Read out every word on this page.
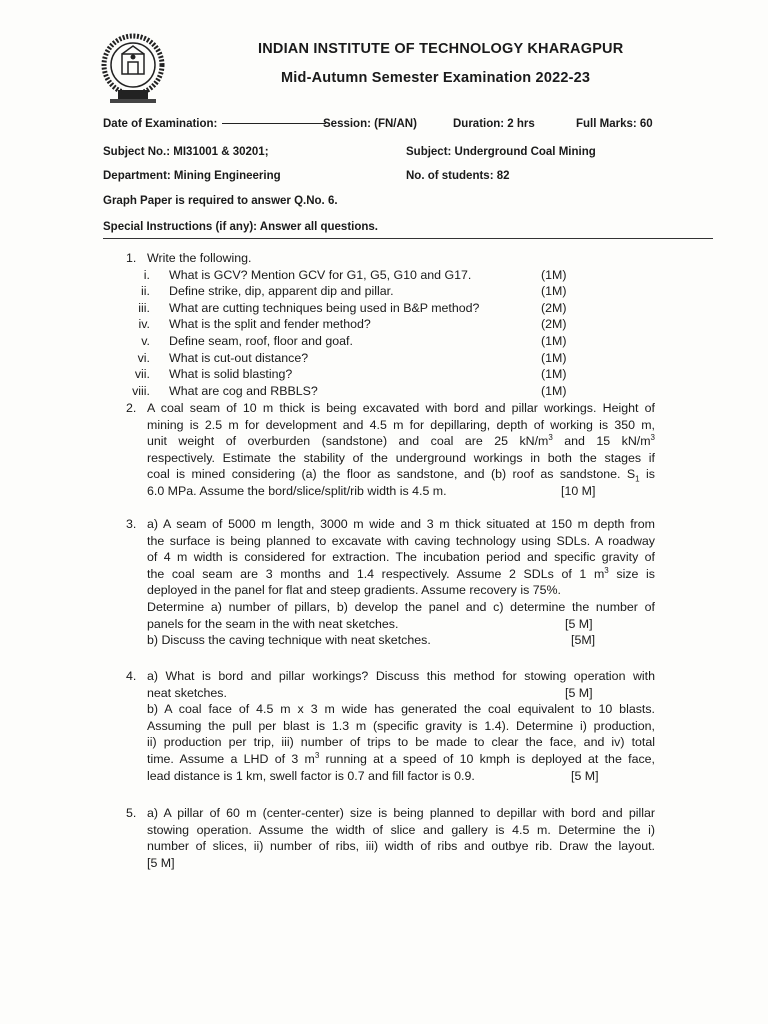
INDIAN INSTITUTE OF TECHNOLOGY KHARAGPUR
Mid-Autumn Semester Examination 2022-23
Date of Examination:	Session: (FN/AN)	Duration: 2 hrs	Full Marks: 60
Subject No.: MI31001 & 30201;	Subject: Underground Coal Mining
Department: Mining Engineering	No. of students: 82
Graph Paper is required to answer Q.No. 6.
Special Instructions (if any): Answer all questions.
1. Write the following.
i. What is GCV? Mention GCV for G1, G5, G10 and G17.	(1M)
ii. Define strike, dip, apparent dip and pillar.	(1M)
iii. What are cutting techniques being used in B&P method?	(2M)
iv. What is the split and fender method?	(2M)
v. Define seam, roof, floor and goaf.	(1M)
vi. What is cut-out distance?	(1M)
vii. What is solid blasting?	(1M)
viii. What are cog and RBBLS?	(1M)
2. A coal seam of 10 m thick is being excavated with bord and pillar workings. Height of
mining is 2.5 m for development and 4.5 m for depillaring, depth of working is 350 m,
unit weight of overburden (sandstone) and coal are 25 $kN/m^3$ and 15 $kN/m^3$
respectively. Estimate the stability of the underground workings in both the stages if
coal is mined considering (a) the floor as sandstone, and (b) roof as sandstone. $S_1$ is
6.0 MPa. Assume the bord/slice/split/rib width is 4.5 m.	[10 M]
3. a) A seam of 5000 m length, 3000 m wide and 3 m thick situated at 150 m depth from
the surface is being planned to excavate with caving technology using SDLs. A roadway
of 4 m width is considered for extraction. The incubation period and specific gravity of
the coal seam are 3 months and 1.4 respectively. Assume 2 SDLs of 1 $m^3$ size is
deployed in the panel for flat and steep gradients. Assume recovery is 75%.
Determine a) number of pillars, b) develop the panel and c) determine the number of
panels for the seam in the with neat sketches.	[5 M]
b) Discuss the caving technique with neat sketches.	[5M]
4. a) What is bord and pillar workings? Discuss this method for stowing operation with
neat sketches.	[5 M]
b) A coal face of 4.5 m x 3 m wide has generated the coal equivalent to 10 blasts.
Assuming the pull per blast is 1.3 m (specific gravity is 1.4). Determine i) production,
ii) production per trip, iii) number of trips to be made to clear the face, and iv) total
time. Assume a LHD of 3 $m^3$ running at a speed of 10 kmph is deployed at the face,
lead distance is 1 km, swell factor is 0.7 and fill factor is 0.9.	[5 M]
5. a) A pillar of 60 m (center-center) size is being planned to depillar with bord and pillar
stowing operation. Assume the width of slice and gallery is 4.5 m. Determine the i)
number of slices, ii) number of ribs, iii) width of ribs and outbye rib. Draw the layout.
[5 M]
